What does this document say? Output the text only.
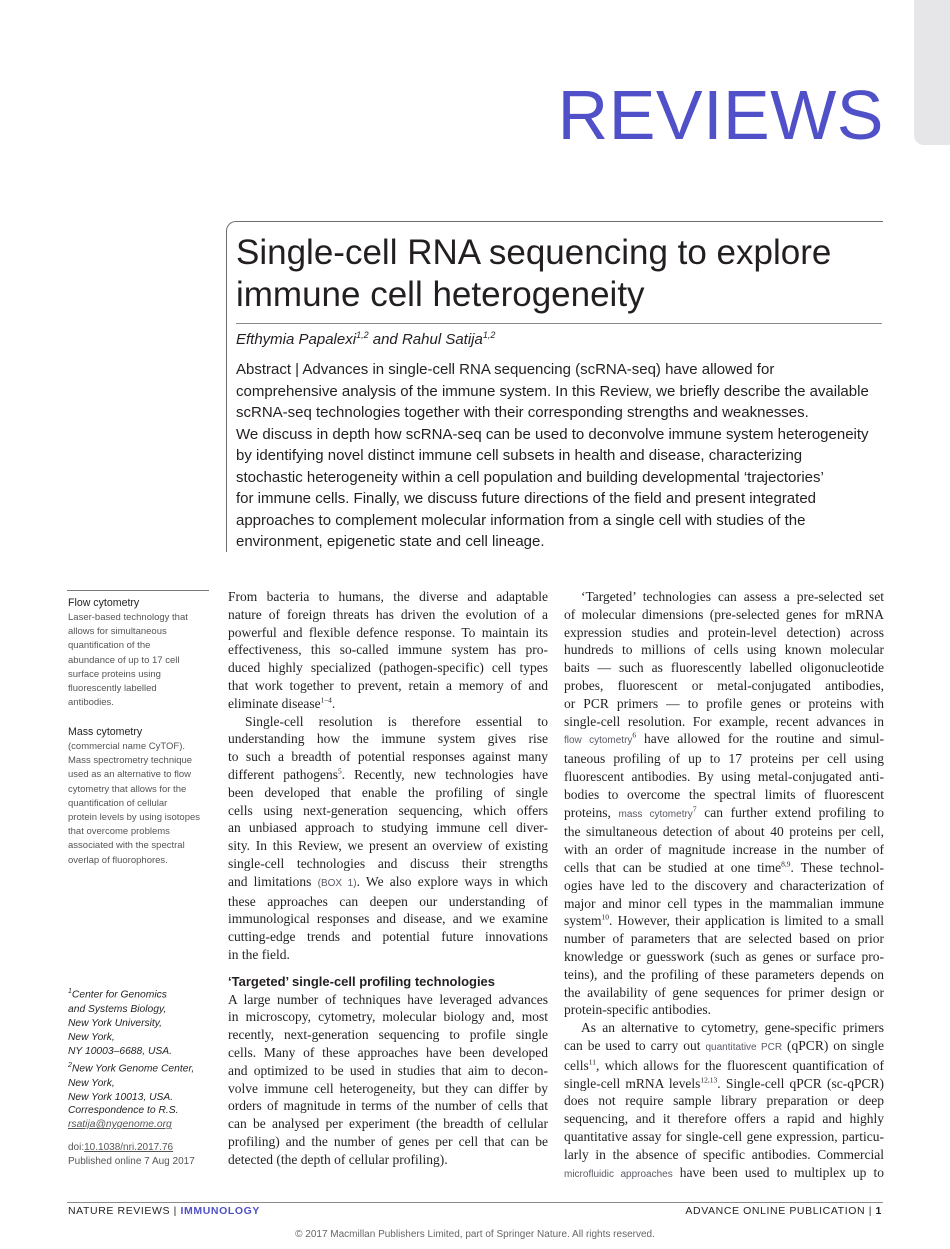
REVIEWS
Single-cell RNA sequencing to explore
immune cell heterogeneity
Efthymia Papalexi$^{1,2}$ and Rahul Satija$^{1,2}$
Abstract | Advances in single-cell RNA sequencing (scRNA-seq) have allowed for
comprehensive analysis of the immune system. In this Review, we briefly describe the available
scRNA-seq technologies together with their corresponding strengths and weaknesses.
We discuss in depth how scRNA-seq can be used to deconvolve immune system heterogeneity
by identifying novel distinct immune cell subsets in health and disease, characterizing
stochastic heterogeneity within a cell population and building developmental ‘trajectories’
for immune cells. Finally, we discuss future directions of the field and present integrated
approaches to complement molecular information from a single cell with studies of the
environment, epigenetic state and cell lineage.
Flow cytometry
Laser-based technology that
allows for simultaneous
quantification of the
abundance of up to 17 cell
surface proteins using
fluorescently labelled
antibodies.
Mass cytometry
(commercial name CyTOF).
Mass spectrometry technique
used as an alternative to flow
cytometry that allows for the
quantification of cellular
protein levels by using isotopes
that overcome problems
associated with the spectral
overlap of fluorophores.
$^1$Center for Genomics
and Systems Biology,
New York University,
New York,
NY 10003–6688, USA.
$^2$New York Genome Center,
New York,
New York 10013, USA.
Correspondence to R.S.
rsatija@nygenome.org
doi:10.1038/nri.2017.76
Published online 7 Aug 2017
From bacteria to humans, the diverse and adaptable
nature of foreign threats has driven the evolution of a
powerful and flexible defence response. To maintain its
effectiveness, this so-called immune system has pro-
duced highly specialized (pathogen-specific) cell types
that work together to prevent, retain a memory of and
eliminate disease$^{1-4}$.
Single-cell resolution is therefore essential to
understanding how the immune system gives rise
to such a breadth of potential responses against many
different pathogens$^5$. Recently, new technologies have
been developed that enable the profiling of single
cells using next-generation sequencing, which offers
an unbiased approach to studying immune cell diver-
sity. In this Review, we present an overview of existing
single-cell technologies and discuss their strengths
and limitations (BOX 1). We also explore ways in which
these approaches can deepen our understanding of
immunological responses and disease, and we examine
cutting-edge trends and potential future innovations
in the field.
‘Targeted’ single-cell profiling technologies
A large number of techniques have leveraged advances
in microscopy, cytometry, molecular biology and, most
recently, next-generation sequencing to profile single
cells. Many of these approaches have been developed
and optimized to be used in studies that aim to decon-
volve immune cell heterogeneity, but they can differ by
orders of magnitude in terms of the number of cells that
can be analysed per experiment (the breadth of cellular
profiling) and the number of genes per cell that can be
detected (the depth of cellular profiling).
‘Targeted’ technologies can assess a pre-selected set
of molecular dimensions (pre-selected genes for mRNA
expression studies and protein-level detection) across
hundreds to millions of cells using known molecular
baits — such as fluorescently labelled oligonucleotide
probes, fluorescent or metal-conjugated antibodies,
or PCR primers — to profile genes or proteins with
single-cell resolution. For example, recent advances in
flow cytometry$^6$ have allowed for the routine and simul-
taneous profiling of up to 17 proteins per cell using
fluorescent antibodies. By using metal-conjugated anti-
bodies to overcome the spectral limits of fluorescent
proteins, mass cytometry$^7$ can further extend profiling to
the simultaneous detection of about 40 proteins per cell,
with an order of magnitude increase in the number of
cells that can be studied at one time$^{8,9}$. These technol-
ogies have led to the discovery and characterization of
major and minor cell types in the mammalian immune
system$^{10}$. However, their application is limited to a small
number of parameters that are selected based on prior
knowledge or guesswork (such as genes or surface pro-
teins), and the profiling of these parameters depends on
the availability of gene sequences for primer design or
protein-specific antibodies.
As an alternative to cytometry, gene-specific primers
can be used to carry out quantitative PCR (qPCR) on single
cells$^{11}$, which allows for the fluorescent quantification of
single-cell mRNA levels$^{12,13}$. Single-cell qPCR (sc-qPCR)
does not require sample library preparation or deep
sequencing, and it therefore offers a rapid and highly
quantitative assay for single-cell gene expression, particu-
larly in the absence of specific antibodies. Commercial
microfluidic approaches have been used to multiplex up to
NATURE REVIEWS | IMMUNOLOGY	ADVANCE ONLINE PUBLICATION | 1
© 2017 Macmillan Publishers Limited, part of Springer Nature. All rights reserved.
